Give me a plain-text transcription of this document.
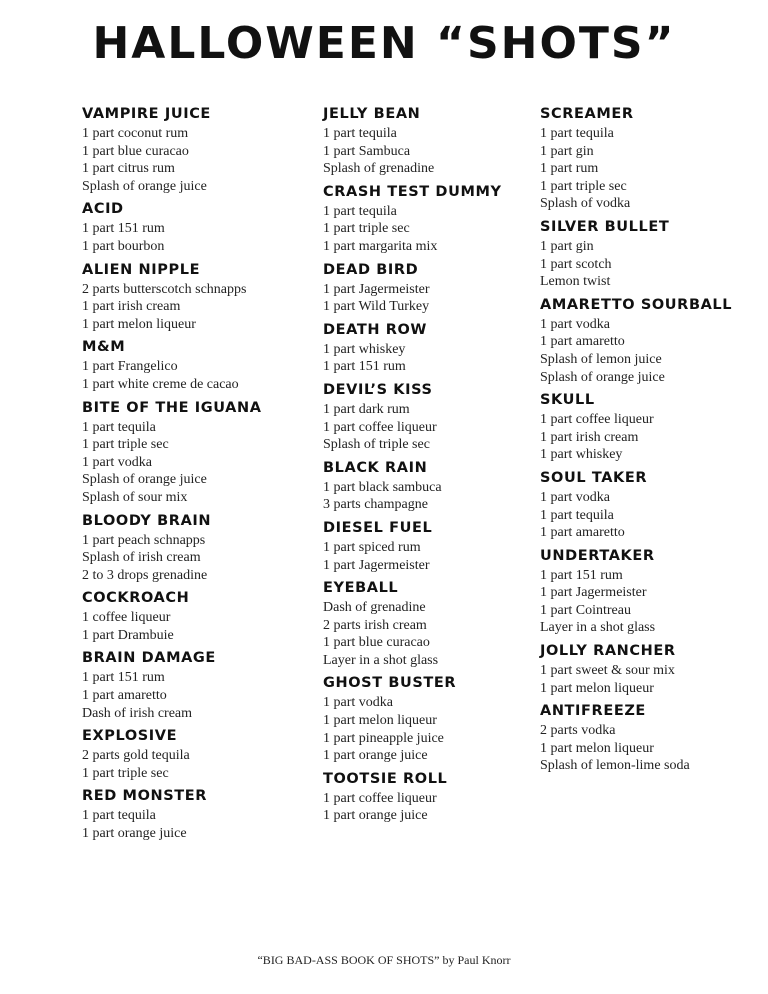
HALLOWEEN “SHOTS”
VAMPIRE JUICE
1 part coconut rum
1 part blue curacao
1 part citrus rum
Splash of orange juice
ACID
1 part 151 rum
1 part bourbon
ALIEN NIPPLE
2 parts butterscotch schnapps
1 part irish cream
1 part melon liqueur
M&M
1 part Frangelico
1 part white creme de cacao
BITE OF THE IGUANA
1 part tequila
1 part triple sec
1 part vodka
Splash of orange juice
Splash of sour mix
BLOODY BRAIN
1 part peach schnapps
Splash of irish cream
2 to 3 drops grenadine
COCKROACH
1 coffee liqueur
1 part Drambuie
BRAIN DAMAGE
1 part 151 rum
1 part amaretto
Dash of irish cream
EXPLOSIVE
2 parts gold tequila
1 part triple sec
RED MONSTER
1 part tequila
1 part orange juice
JELLY BEAN
1 part tequila
1 part Sambuca
Splash of grenadine
CRASH TEST DUMMY
1 part tequila
1 part triple sec
1 part margarita mix
DEAD BIRD
1 part Jagermeister
1 part Wild Turkey
DEATH ROW
1 part whiskey
1 part 151 rum
DEVIL’S KISS
1 part dark rum
1 part coffee liqueur
Splash of triple sec
BLACK RAIN
1 part black sambuca
3 parts champagne
DIESEL FUEL
1 part spiced rum
1 part Jagermeister
EYEBALL
Dash of grenadine
2 parts irish cream
1 part blue curacao
Layer in a shot glass
GHOST BUSTER
1 part vodka
1 part melon liqueur
1 part pineapple juice
1 part orange juice
TOOTSIE ROLL
1 part coffee liqueur
1 part orange juice
SCREAMER
1 part tequila
1 part gin
1 part rum
1 part triple sec
Splash of vodka
SILVER BULLET
1 part gin
1 part scotch
Lemon twist
AMARETTO SOURBALL
1 part vodka
1 part amaretto
Splash of lemon juice
Splash of orange juice
SKULL
1 part coffee liqueur
1 part irish cream
1 part whiskey
SOUL TAKER
1 part vodka
1 part tequila
1 part amaretto
UNDERTAKER
1 part 151 rum
1 part Jagermeister
1 part Cointreau
Layer in a shot glass
JOLLY RANCHER
1 part sweet & sour mix
1 part melon liqueur
ANTIFREEZE
2 parts vodka
1 part melon liqueur
Splash of lemon-lime soda
“BIG BAD-ASS BOOK OF SHOTS” by Paul Knorr
